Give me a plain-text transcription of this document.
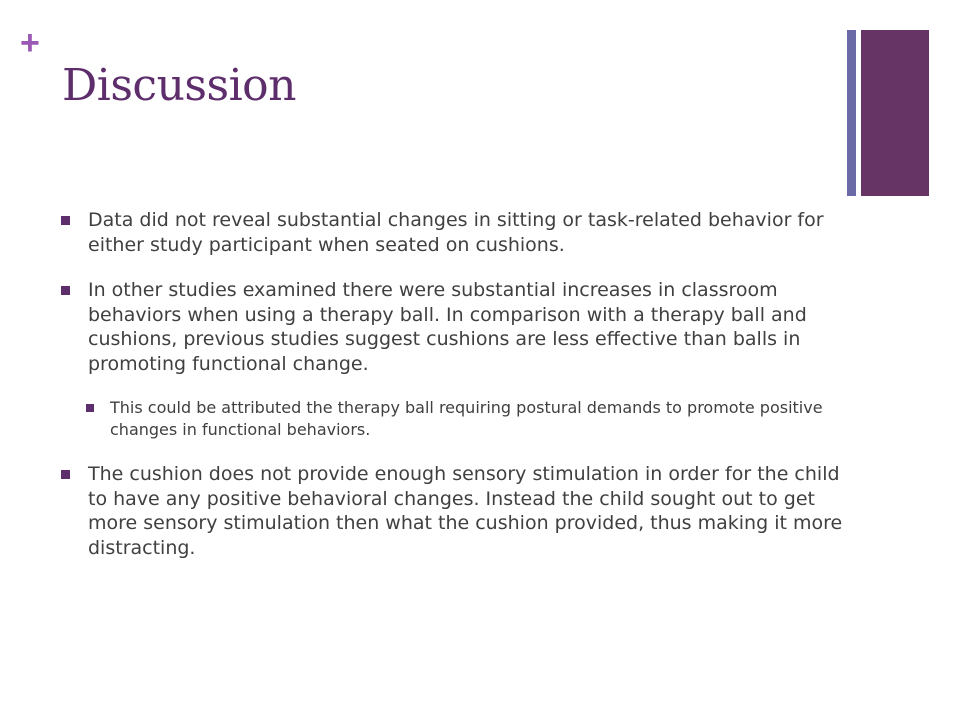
+
Discussion
Data did not reveal substantial changes in sitting or task-related behavior for either study participant when seated on cushions.
In other studies examined there were substantial increases in classroom behaviors when using a therapy ball. In comparison with a therapy ball and cushions, previous studies suggest cushions are less effective than balls in promoting functional change.
This could be attributed the therapy ball requiring postural demands to promote positive changes in functional behaviors.
The cushion does not provide enough sensory stimulation in order for the child to have any positive behavioral changes. Instead the child sought out to get more sensory stimulation then what the cushion provided, thus making it more distracting.
